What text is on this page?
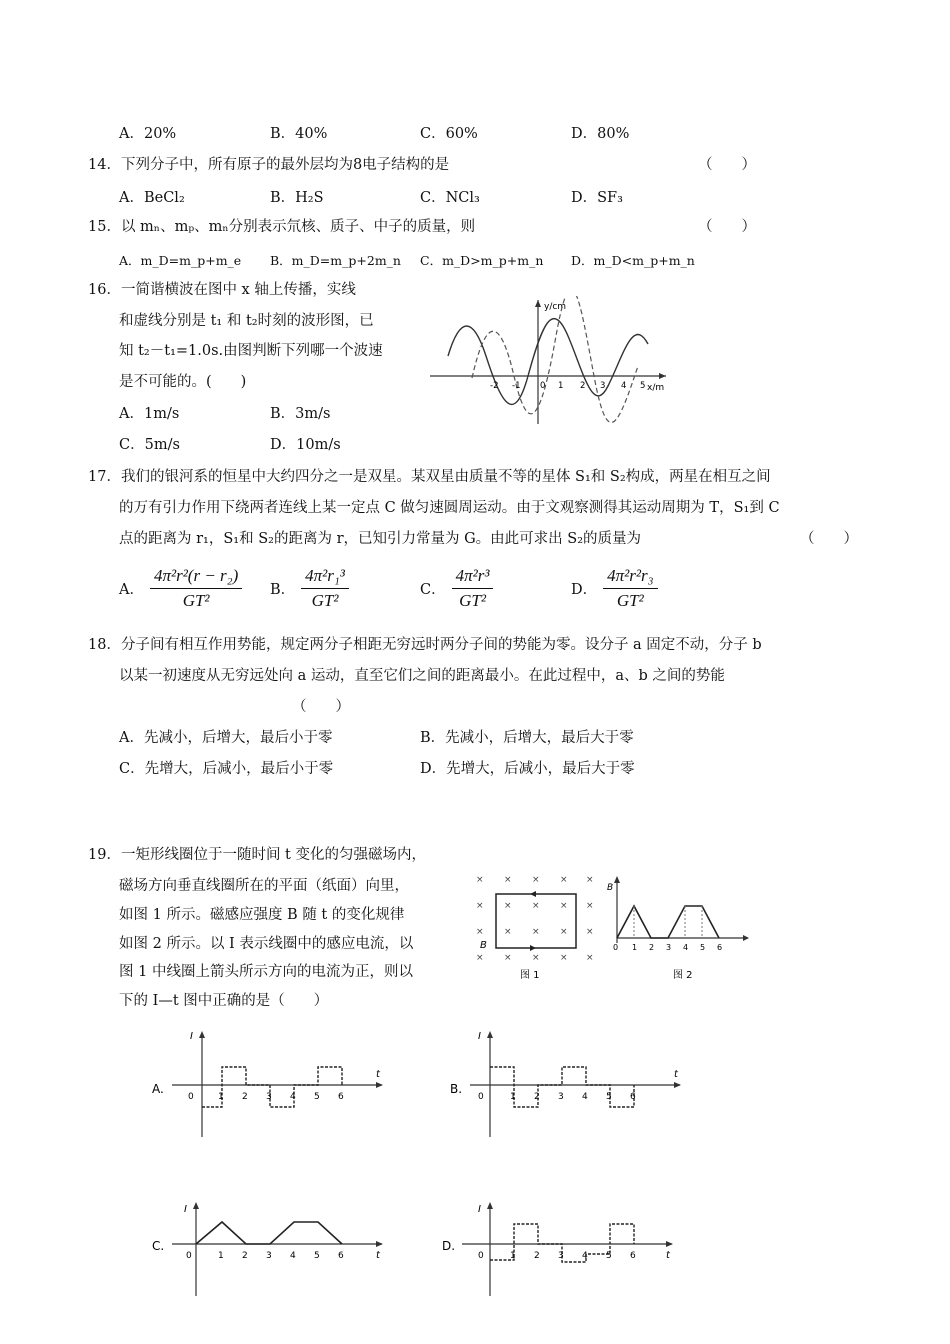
A．20%	B．40%	C．60%	D．80%
14．下列分子中，所有原子的最外层均为8电子结构的是	（　　）
A．BeCl₂	B．H₂S	C．NCl₃	D．SF₃
15．以 mₙ、mₚ、mₙ分别表示氘核、质子、中子的质量，则	（　　）
A．m_D=m_p+m_e B．m_D=m_p+2m_n C．m_D>m_p+m_n D．m_D<m_p+m_n
16．一简谐横波在图中 x 轴上传播，实线
和虚线分别是 t₁ 和 t₂时刻的波形图，已
知 t₂－t₁=1.0s.由图判断下列哪一个波速
是不可能的。(　　)
A．1m/s	B．3m/s
C．5m/s	D．10m/s
y/cm
x/m
-2 -1 0 1 2 3 4 5
17．我们的银河系的恒星中大约四分之一是双星。某双星由质量不等的星体 S₁和 S₂构成，两星在相互之间
的万有引力作用下绕两者连线上某一定点 C 做匀速圆周运动。由于文观察测得其运动周期为 T，S₁到 C
点的距离为 r₁，S₁和 S₂的距离为 r，已知引力常量为 G。由此可求出 S₂的质量为	（　　）
A． $\frac{\text{4π²r²(r − r₂)}}{\text{GT²}}$ B． $\frac{\text{4π²r₁³}}{\text{GT²}}$	C． $\frac{\text{4π²r³}}{\text{GT²}}$	D． $\frac{\text{4π²r²r₃}}{\text{GT²}}$
18．分子间有相互作用势能，规定两分子相距无穷远时两分子间的势能为零。设分子 a 固定不动，分子 b
以某一初速度从无穷远处向 a 运动，直至它们之间的距离最小。在此过程中，a、b 之间的势能
（　　）
A．先减小，后增大，最后小于零	B．先减小，后增大，最后大于零
C．先增大，后减小，最后小于零	D．先增大，后减小，最后大于零
19．一矩形线圈位于一随时间 t 变化的匀强磁场内，
磁场方向垂直线圈所在的平面（纸面）向里，
如图 1 所示。磁感应强度 B 随 t 的变化规律
如图 2 所示。以 I 表示线圈中的感应电流，以
图 1 中线圈上箭头所示方向的电流为正，则以
下的 I—t 图中正确的是（　　）
× × × × ×
× × × × ×
× × × × ×
× × × × ×
B
图 1
B
0 1 2 3 4 5 6
图 2
A.
t
I
0	1 2 3 4 5 6
B.
t
I
0	1 2 3 4 5 6
C.
t
I
0	1 2 3 4 5 6
D.
t
I
0	1 2 3 4 5 6
